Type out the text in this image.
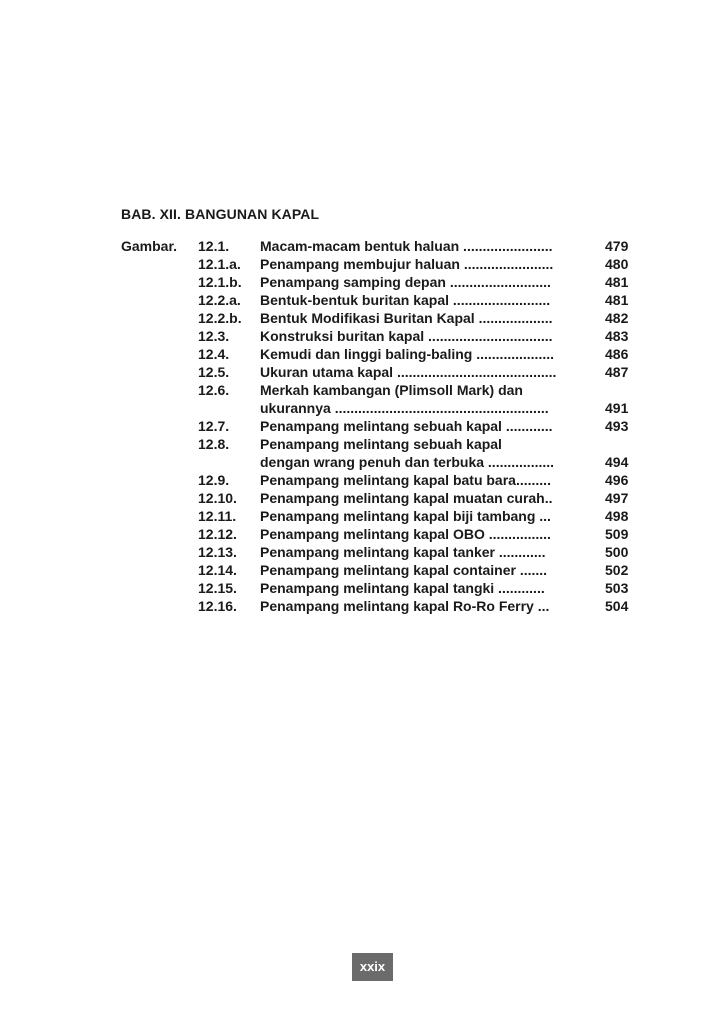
BAB. XII. BANGUNAN KAPAL
Gambar. 12.1. Macam-macam bentuk haluan .......................	479
12.1.a. Penampang membujur haluan .......................	480
12.1.b. Penampang samping depan ..........................	481
12.2.a. Bentuk-bentuk buritan kapal .........................	481
12.2.b. Bentuk Modifikasi Buritan Kapal ...................	482
12.3. Konstruksi buritan kapal ................................	483
12.4. Kemudi dan linggi baling-baling ....................	486
12.5. Ukuran utama kapal .........................................	487
12.6. Merkah kambangan (Plimsoll Mark) dan
ukurannya .......................................................	491
12.7. Penampang melintang sebuah kapal ............	493
12.8. Penampang melintang sebuah kapal
dengan wrang penuh dan terbuka .................	494
12.9. Penampang melintang kapal batu bara.........	496
12.10. Penampang melintang kapal muatan curah..	497
12.11. Penampang melintang kapal biji tambang ...	498
12.12. Penampang melintang kapal OBO ................	509
12.13. Penampang melintang kapal tanker ............	500
12.14. Penampang melintang kapal container .......	502
12.15. Penampang melintang kapal tangki ............	503
12.16. Penampang melintang kapal Ro-Ro Ferry ...	504
xxix
